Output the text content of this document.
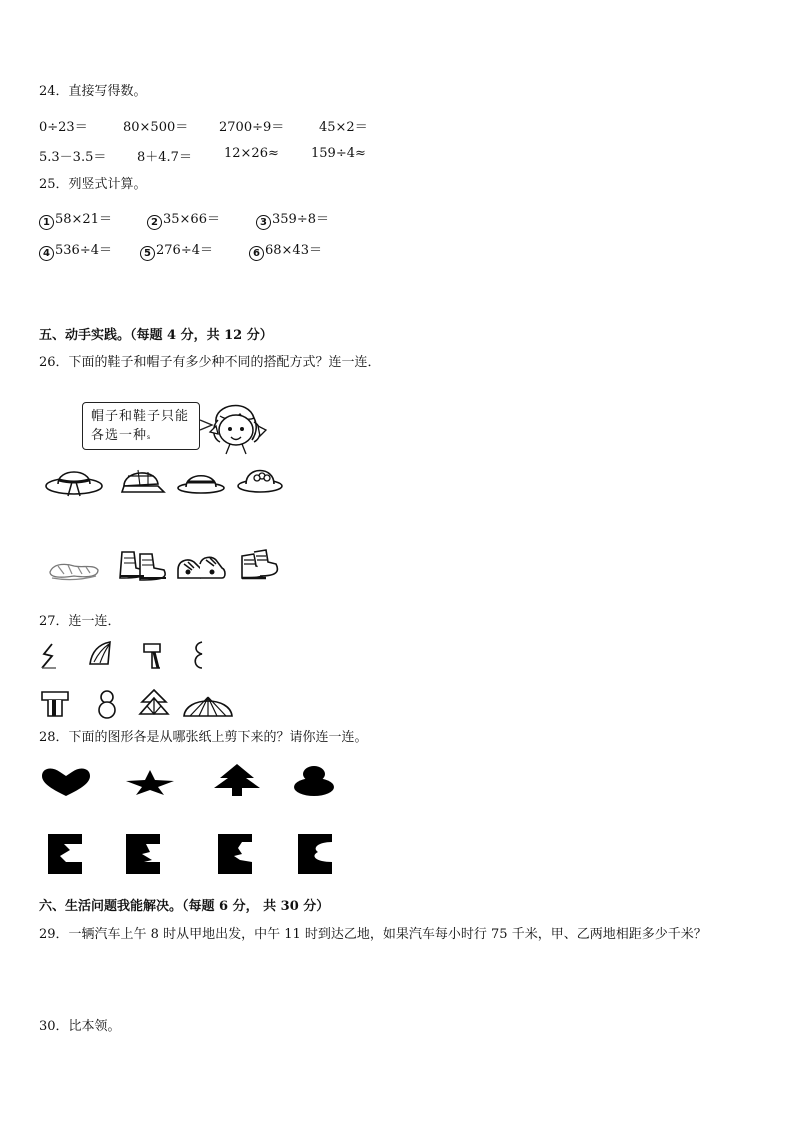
24．直接写得数。
0÷23＝	80×500＝ 2700÷9＝	45×2＝
5.3－3.5＝ 8＋4.7＝ 12×26≈ 159÷4≈
25．列竖式计算。
1 58×21＝	2 35×66＝	3 359÷8＝
4 536÷4＝	5 276÷4＝	6 68×43＝
五、动手实践。（每题 4 分，共 12 分）
26．下面的鞋子和帽子有多少种不同的搭配方式？连一连．
帽子和鞋子只能
各选一种s
27．连一连．
28．下面的图形各是从哪张纸上剪下来的？请你连一连。
六、生活问题我能解决。（每题 6 分， 共 30 分）
29．一辆汽车上午 8 时从甲地出发，中午 11 时到达乙地，如果汽车每小时行 75 千米，甲、乙两地相距多少千米？
30．比本领。
